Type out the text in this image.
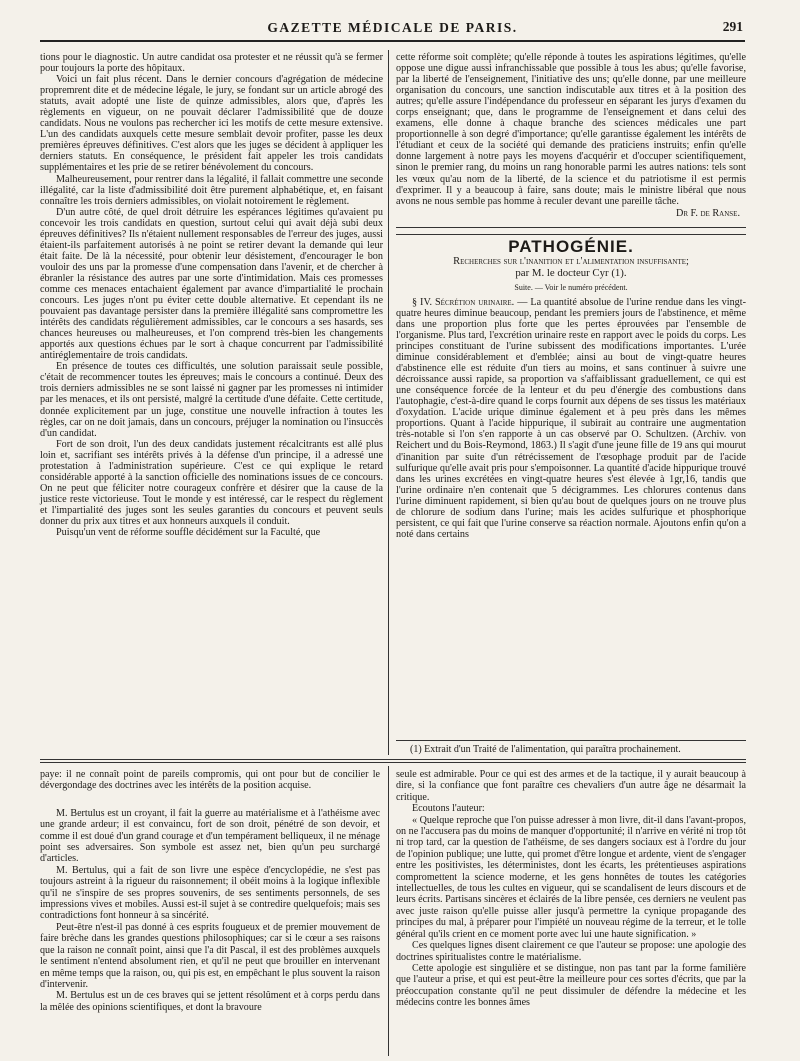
GAZETTE MÉDICALE DE PARIS.	291

tions pour le diagnostic. Un autre candidat osa protester et ne réussit qu'à se fermer pour toujours la porte des hôpitaux.

Voici un fait plus récent. Dans le dernier concours d'agrégation de médecine propremrent dite et de médecine légale, le jury, se fondant sur un article abrogé des statuts, avait adopté une liste de quinze admissibles, alors que, d'après les règlements en vigueur, on ne pouvait déclarer l'admissibilité que de douze candidats. Nous ne voulons pas rechercher ici les motifs de cette mesure extensive. L'un des candidats auxquels cette mesure semblait devoir profiter, passe les deux premières épreuves définitives. C'est alors que les juges se décident à appliquer les derniers statuts. En conséquence, le président fait appeler les trois candidats supplémentaires et les prie de se retirer bénévolement du concours.

Malheureusement, pour rentrer dans la légalité, il fallait commettre une seconde illégalité, car la liste d'admissibilité doit être purement alphabétique, et, en faisant connaître les trois derniers admissibles, on violait notoirement le règlement.

D'un autre côté, de quel droit détruire les espérances légitimes qu'avaient pu concevoir les trois candidats en question, surtout celui qui avait déjà subi deux épreuves définitives? Ils n'étaient nullement responsables de l'erreur des juges, aussi étaient-ils parfaitement autorisés à ne point se retirer devant la demande qui leur était faite. De là la nécessité, pour obtenir leur désistement, d'encourager le bon vouloir des uns par la promesse d'une compensation dans l'avenir, et de chercher à ébranler la résistance des autres par une sorte d'intimidation. Mais ces promesses comme ces menaces entachaient également par avance d'impartialité le prochain concours. Les juges n'ont pu éviter cette double alternative. Et cependant ils ne pouvaient pas davantage persister dans la première illégalité sans compromettre les intérêts des candidats régulièrement admissibles, car le concours a ses hasards, ses chances heureuses ou malheureuses, et l'on comprend très-bien les changements apportés aux questions échues par le sort à chaque concurrent par l'admissibilité antiréglementaire de trois candidats.

En présence de toutes ces difficultés, une solution paraissait seule possible, c'était de recommencer toutes les épreuves; mais le concours a continué. Deux des trois derniers admissibles ne se sont laissé ni gagner par les promesses ni intimider par les menaces, et ils ont persisté, malgré la certitude d'une défaite. Cette certitude, donnée explicitement par un juge, constitue une nouvelle infraction à toutes les règles, car on ne doit jamais, dans un concours, préjuger la nomination ou l'insuccès d'un candidat.

Fort de son droit, l'un des deux candidats justement récalcitrants est allé plus loin et, sacrifiant ses intérêts privés à la défense d'un principe, il a adressé une protestation à l'administration supérieure. C'est ce qui explique le retard considérable apporté à la sanction officielle des nominations issues de ce concours. On ne peut que féliciter notre courageux confrère et désirer que la cause de la justice reste victorieuse. Tout le monde y est intéressé, car le respect du règlement et l'impartialité des juges sont les seules garanties du concours et peuvent seuls donner du prix aux titres et aux honneurs auxquels il conduit.

Puisqu'un vent de réforme souffle décidément sur la Faculté, que

cette réforme soit complète; qu'elle réponde à toutes les aspirations légitimes, qu'elle oppose une digue aussi infranchissable que possible à tous les abus; qu'elle favorise, par la liberté de l'enseignement, l'initiative des uns; qu'elle donne, par une meilleure organisation du concours, une sanction indiscutable aux titres et à la position des autres; qu'elle assure l'indépendance du professeur en séparant les jurys d'examen du corps enseignant; que, dans le programme de l'enseignement et dans celui des examens, elle donne à chaque branche des sciences médicales une part proportionnelle à son degré d'importance; qu'elle garantisse également les intérêts de l'étudiant et ceux de la société qui demande des praticiens instruits; enfin qu'elle donne largement à notre pays les moyens d'acquérir et d'occuper scientifiquement, sinon le premier rang, du moins un rang honorable parmi les autres nations: tels sont les vœux qu'au nom de la liberté, de la science et du patriotisme il est permis d'exprimer. Il y a beaucoup à faire, sans doute; mais le ministre libéral que nous avons ne nous semble pas homme à reculer devant une pareille tâche.

Dr F. de Ranse.
PATHOGÉNIE.
Recherches sur l'inanition et l'alimentation insuffisante;
par M. le docteur Cyr (1).
Suite. — Voir le numéro précédent.

§ IV. Sécrétion urinaire. — La quantité absolue de l'urine rendue dans les vingt-quatre heures diminue beaucoup, pendant les premiers jours de l'abstinence, et même dans une proportion plus forte que les pertes éprouvées par l'ensemble de l'organisme. Plus tard, l'excrétion urinaire reste en rapport avec le poids du corps. Les principes constituant de l'urine subissent des modifications importantes. L'urée diminue considérablement et d'emblée; ainsi au bout de vingt-quatre heures d'abstinence elle est réduite d'un tiers au moins, et sans continuer à suivre une décroissance aussi rapide, sa proportion va s'affaiblissant graduellement, ce qui est une conséquence forcée de la lenteur et du peu d'énergie des combustions dans l'autophagie, c'est-à-dire quand le corps fournit aux dépens de ses tissus les matériaux d'oxydation. L'acide urique diminue également et à peu près dans les mêmes proportions. Quant à l'acide hippurique, il subirait au contraire une augmentation très-notable si l'on s'en rapporte à un cas observé par O. Schultzen. (Archiv. von Reichert und du Bois-Reymond, 1863.) Il s'agit d'une jeune fille de 19 ans qui mourut d'inanition par suite d'un rétrécissement de l'œsophage produit par de l'acide sulfurique qu'elle avait pris pour s'empoisonner. La quantité d'acide hippurique trouvé dans les urines excrétées en vingt-quatre heures s'est élevée à 1gr,16, tandis que l'urine ordinaire n'en contenait que 5 décigrammes. Les chlorures contenus dans l'urine diminuent rapidement, si bien qu'au bout de quelques jours on ne trouve plus de chlorure de sodium dans l'urine; mais les acides sulfurique et phosphorique persistent, ce qui fait que l'urine conserve sa réaction normale. Ajoutons enfin qu'on a noté dans certains

(1) Extrait d'un Traité de l'alimentation, qui paraîtra prochainement.

paye: il ne connaît point de pareils compromis, qui ont pour but de concilier le dévergondage des doctrines avec les intérêts de la position acquise.

M. Bertulus est un croyant, il fait la guerre au matérialisme et à l'athéisme avec une grande ardeur; il est convaincu, fort de son droit, pénétré de son devoir, et comme il est doué d'un grand courage et d'un tempérament belliqueux, il ne ménage point ses adversaires. Son symbole est assez net, bien qu'un peu surchargé d'articles.

M. Bertulus, qui a fait de son livre une espèce d'encyclopédie, ne s'est pas toujours astreint à la rigueur du raisonnement; il obéit moins à la logique inflexible qu'il ne s'inspire de ses propres souvenirs, de ses sentiments personnels, de ses impressions vives et mobiles. Aussi est-il sujet à se contredire quelquefois; mais ses contradictions font honneur à sa sincérité.

Peut-être n'est-il pas donné à ces esprits fougueux et de premier mouvement de faire brèche dans les grandes questions philosophiques; car si le cœur a ses raisons que la raison ne connaît point, ainsi que l'a dit Pascal, il est des problèmes auxquels le sentiment n'entend absolument rien, et qu'il ne peut que brouiller en intervenant en même temps que la raison, ou, qui pis est, en empêchant le plus souvent la raison d'intervenir.

M. Bertulus est un de ces braves qui se jettent résolûment et à corps perdu dans la mêlée des opinions scientifiques, et dont la bravoure

seule est admirable. Pour ce qui est des armes et de la tactique, il y aurait beaucoup à dire, si la confiance que font paraître ces chevaliers d'un autre âge ne désarmait la critique.

Ecoutons l'auteur:

« Quelque reproche que l'on puisse adresser à mon livre, dit-il dans l'avant-propos, on ne l'accusera pas du moins de manquer d'opportunité; il n'arrive en vérité ni trop tôt ni trop tard, car la question de l'athéisme, de ses dangers sociaux est à l'ordre du jour de l'opinion publique; une lutte, qui promet d'être longue et ardente, vient de s'engager entre les positivistes, les déterministes, dont les écarts, les prétentieuses aspirations compromettent la science moderne, et les gens honnêtes de toutes les catégories intellectuelles, de tous les cultes en vigueur, qui se scandalisent de leurs discours et de leurs écrits. Partisans sincères et éclairés de la libre pensée, ces derniers ne veulent pas avec juste raison qu'elle puisse aller jusqu'à permettre la cynique propagande des principes du mal, à préparer pour l'impiété un nouveau régime de la terreur, et le tolle général qu'ils crient en ce moment porte avec lui une haute signification. »

Ces quelques lignes disent clairement ce que l'auteur se propose: une apologie des doctrines spiritualistes contre le matérialisme.

Cette apologie est singulière et se distingue, non pas tant par la forme familière que l'auteur a prise, et qui est peut-être la meilleure pour ces sortes d'écrits, que par la préoccupation constante qu'il ne peut dissimuler de défendre la médecine et les médecins contre les bonnes âmes
